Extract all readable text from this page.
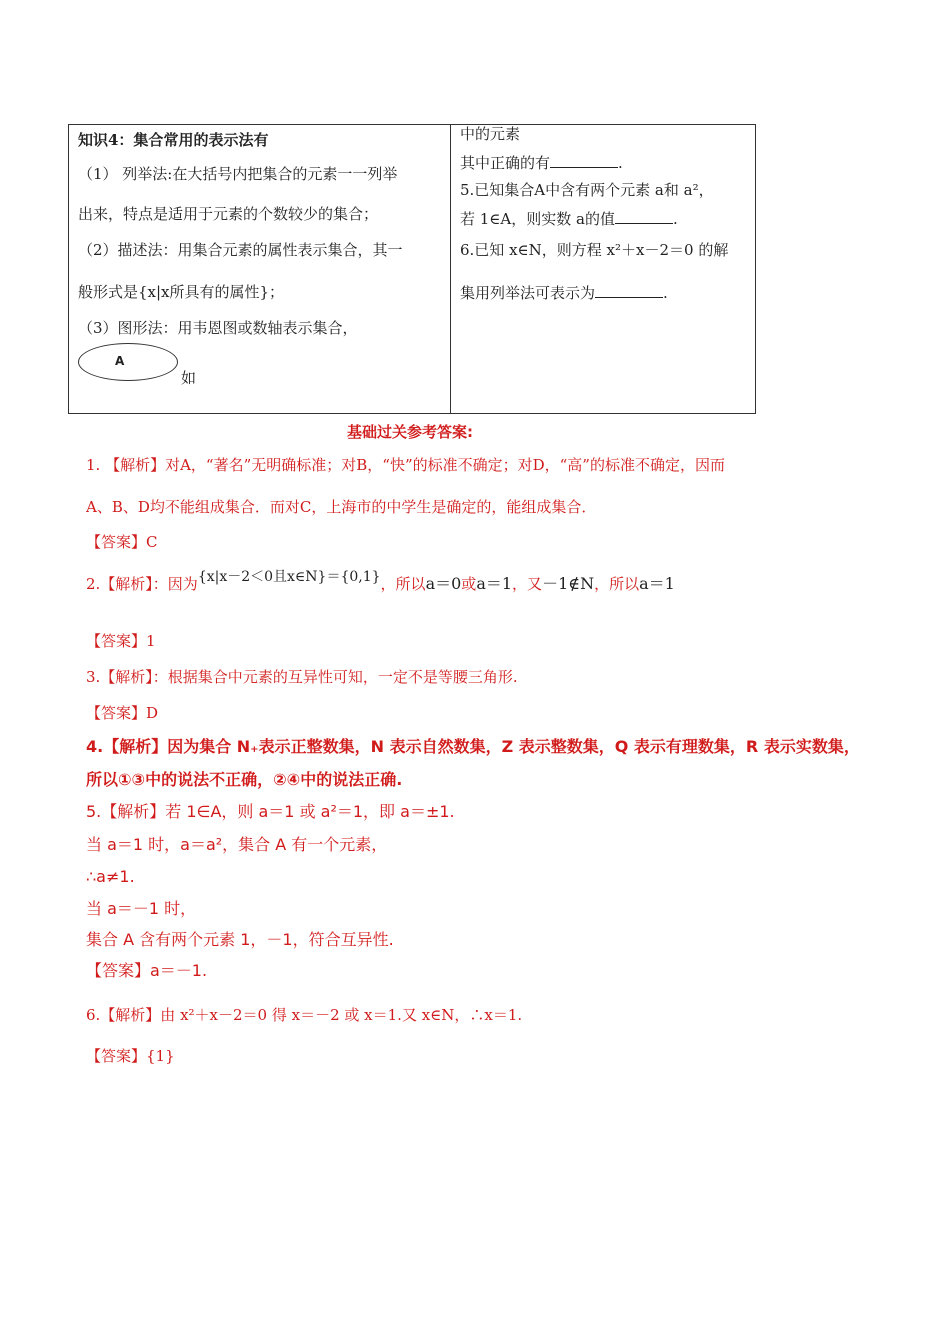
知识4：集合常用的表示法有
（1） 列举法:在大括号内把集合的元素一一列举
出来，特点是适用于元素的个数较少的集合；
（2）描述法：用集合元素的属性表示集合，其一
般形式是{x|x所具有的属性}；
（3）图形法：用韦恩图或数轴表示集合，
A
如
中的元素
其中正确的有	.
5.已知集合A中含有两个元素 a和 a²，
若 1∈A，则实数 a的值	.
6.已知 x∈N，则方程 x²＋x－2＝0 的解
集用列举法可表示为	.
基础过关参考答案:
1. 【解析】对A，“著名”无明确标准；对B，“快”的标准不确定；对D，“高”的标准不确定，因而
A、B、D均不能组成集合．而对C，上海市的中学生是确定的，能组成集合．
【答案】C
2.【解析】：因为{x|x－2＜0且x∈N}＝{0,1}，所以a＝0或a＝1，又－1∉N，所以a＝1
【答案】1
3.【解析】：根据集合中元素的互异性可知，一定不是等腰三角形.
【答案】D
4.【解析】因为集合 N₊表示正整数集，N 表示自然数集，Z 表示整数集，Q 表示有理数集，R 表示实数集，
所以①③中的说法不正确，②④中的说法正确.
5.【解析】若 1∈A，则 a＝1 或 a²＝1，即 a＝±1.
当 a＝1 时，a＝a²，集合 A 有一个元素，
∴a≠1.
当 a＝－1 时，
集合 A 含有两个元素 1，－1，符合互异性.
【答案】a＝－1.
6.【解析】由 x²＋x－2＝0 得 x＝－2 或 x＝1.又 x∈N，∴x＝1.
【答案】{1}
